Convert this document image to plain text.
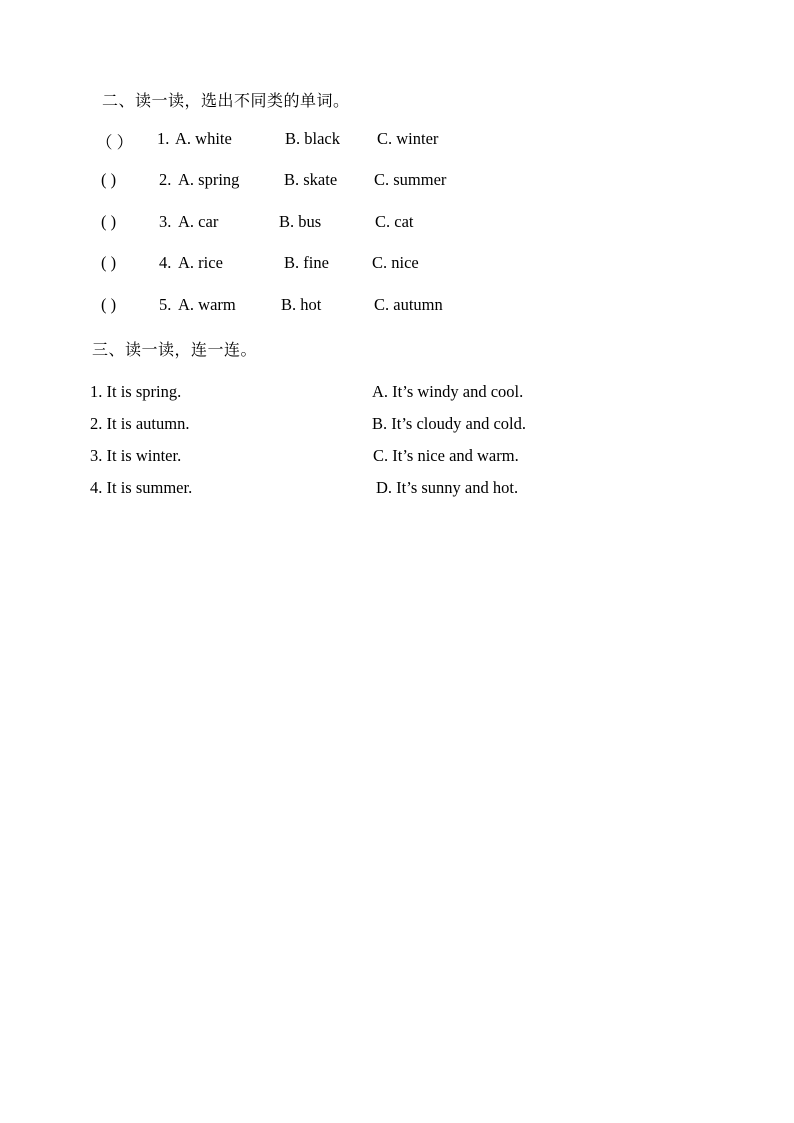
二、读一读，选出不同类的单词。
（ ） 1. A. white	B. black C. winter
( )	2. A. spring	B. skate C. summer
( )	3. A. car	B. bus	C. cat
( )	4. A. rice	B. fine	C. nice
( )	5. A. warm	B. hot	C. autumn
三、读一读，连一连。
1. It is spring.	A. It’s windy and cool.
2. It is autumn.	B. It’s cloudy and cold.
3. It is winter.	C. It’s nice and warm.
4. It is summer.	D. It’s sunny and hot.
